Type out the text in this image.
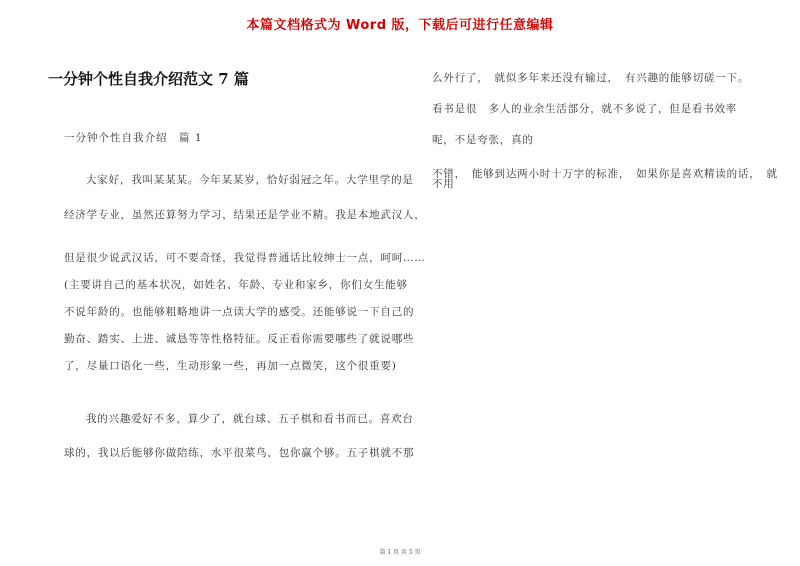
本篇文档格式为 Word 版，下载后可进行任意编辑
一分钟个性自我介绍范文 7 篇
一分钟个性自我介绍　篇 1
大家好，我叫某某某。今年某某岁，恰好弱冠之年。大学里学的是
经济学专业，虽然还算努力学习，结果还是学业不精。我是本地武汉人，
但是很少说武汉话，可不要奇怪，我觉得普通话比较绅士一点，呵呵……
(主要讲自己的基本状况，如姓名、年龄、专业和家乡，你们女生能够
不说年龄的。也能够粗略地讲一点读大学的感受。还能够说一下自己的
勤奋、踏实、上进、诚恳等等性格特征。反正看你需要哪些了就说哪些
了，尽量口语化一些，生动形象一些，再加一点微笑，这个很重要)
我的兴趣爱好不多，算少了，就台球、五子棋和看书而已。喜欢台
球的，我以后能够你做陪练，水平很菜鸟，包你赢个够。五子棋就不那
么外行了，　就似多年来还没有输过，　有兴趣的能够切磋一下。
看书是很　多人的业余生活部分，就不多说了，但是看书效率
呢，不是夸张，真的
不错，　能够到达两小时十万字的标准，　如果你是喜欢精读的话，　就
不用
第 1 页 共 5 页
